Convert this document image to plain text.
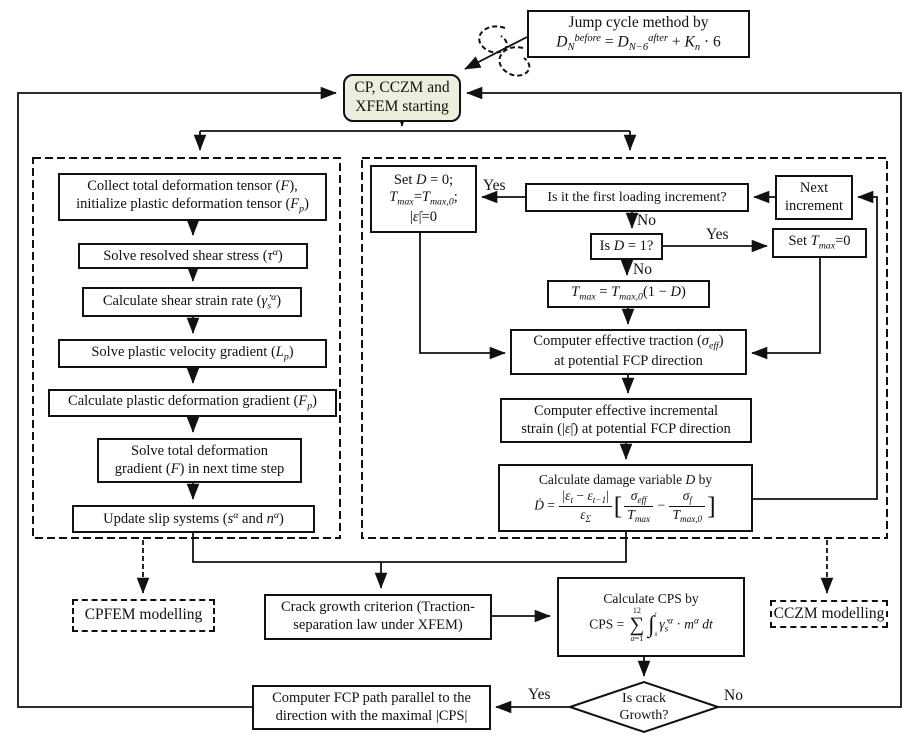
Jump cycle method by
$D_N^{before} = D_{N-6}^{after} + K_n \cdot 6$
CP, CCZM and
XFEM starting
Collect total deformation tensor (F),
initialize plastic deformation tensor $(F_p)$
Solve resolved shear stress $(\tau^\alpha)$
Calculate shear strain rate $(\gammȧ_s^\alpha)$
Solve plastic velocity gradient $(L_p)$
Calculate plastic deformation gradient $(F_p)$
Solve total deformation
gradient (F) in next time step
Update slip systems ($s^\alpha$ and $n^\alpha$)
Set D = 0;
$T_{max}=T_{max,0}$;
|ε̇|=0
Is it the first loading increment?
Next
increment
Is D = 1?	Set $T_{max}=0$
$T_{max} = T_{max,0}(1 - D)$
Computer effective traction $(\sigma_{eff})$
at potential FCP direction
Computer effective incremental
strain (|ε̇|) at potential FCP direction
Calculate damage variable D by
Ḋ = $\frac{|\varepsilon_t - \varepsilon_{t-1}|}{\varepsilon_\Sigma}$ [ $\frac{\sigma_{eff}}{T_{max}} - \frac{\sigma_f}{T_{max,0}}$ ]
CPFEM modelling	Crack growth criterion (Traction-
separation law under XFEM)
Calculate CPS by
CPS =
12
∑
α=1
∫ t
0
$\gammȧ_s^\alpha \cdot m^\alpha$ dt
CCZM modelling
Computer FCP path parallel to the
direction with the maximal |CPS|
Is crack
Growth?
Yes
No
Yes
No
Yes	No
